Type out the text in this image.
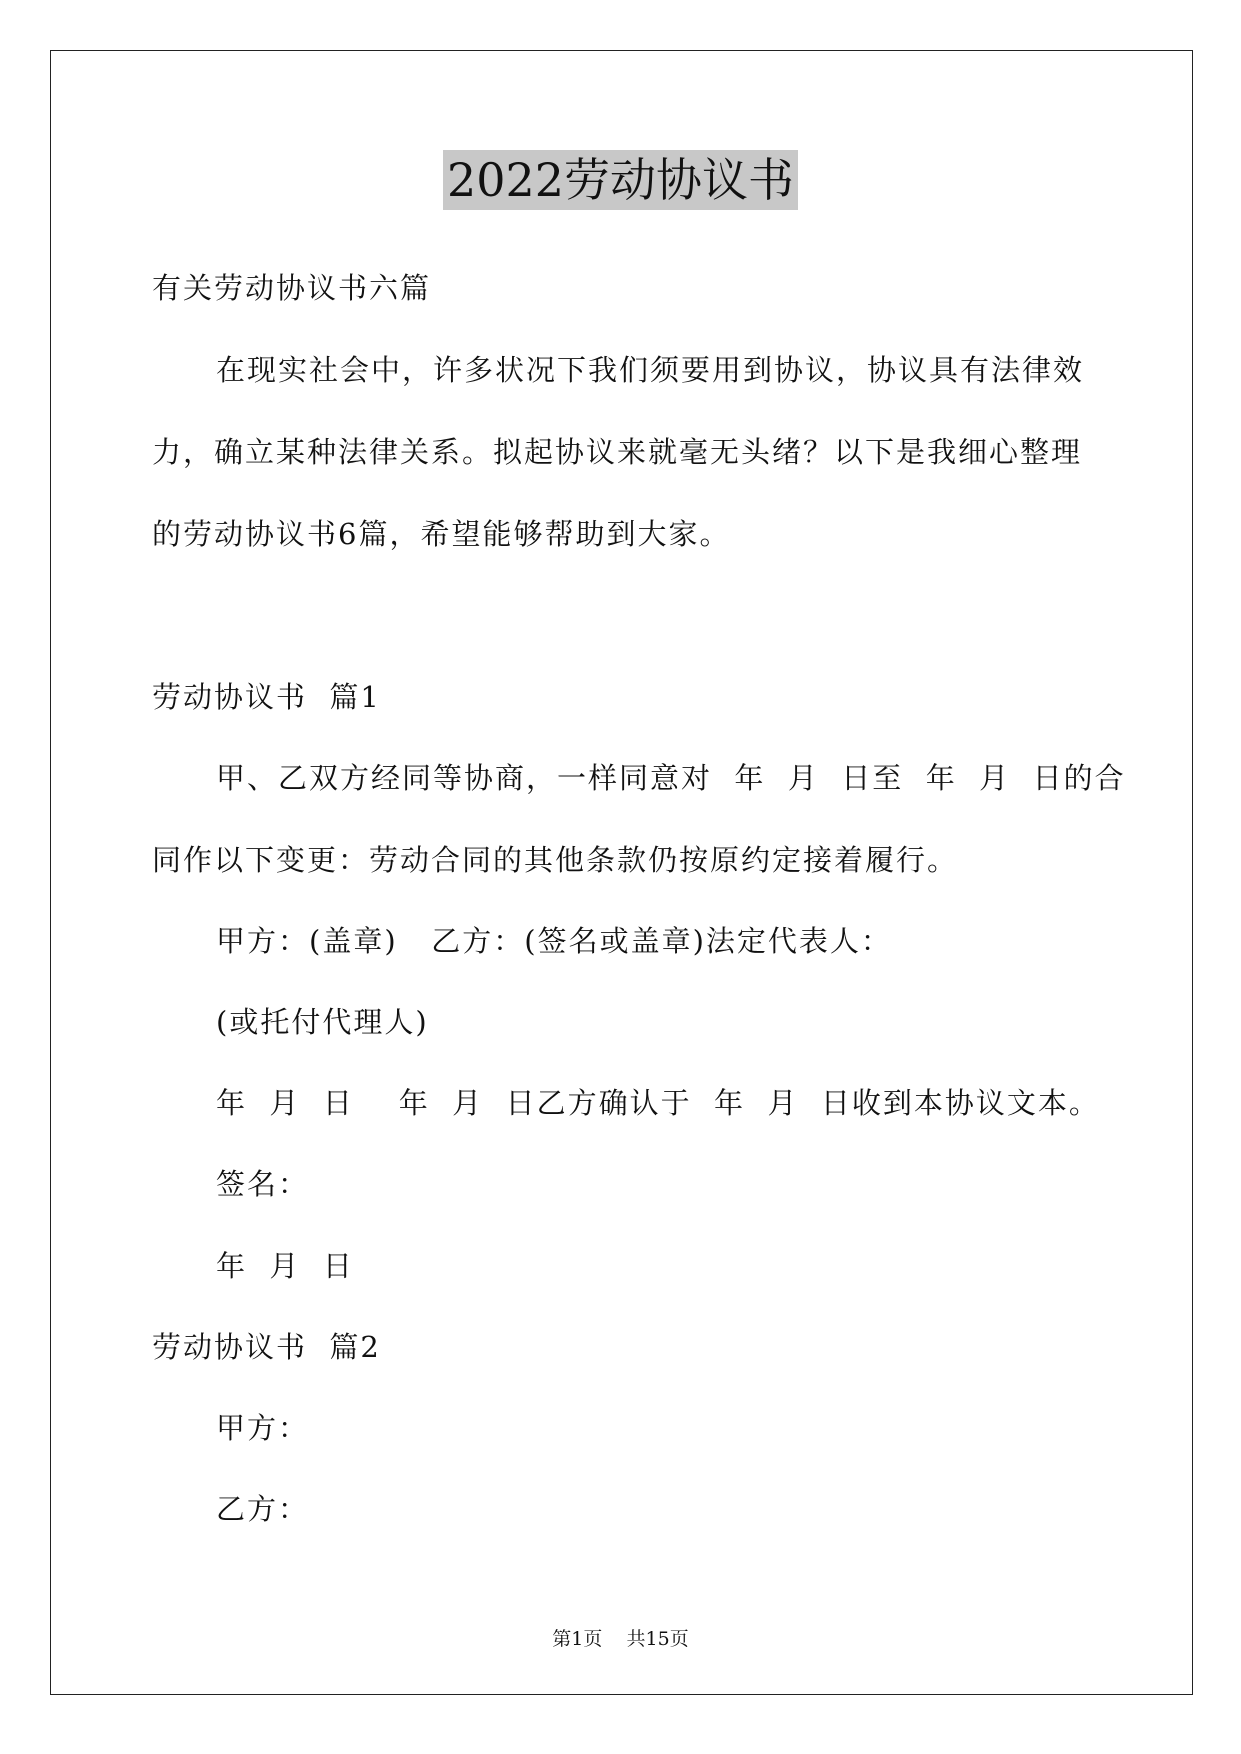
2022劳动协议书
有关劳动协议书六篇
在现实社会中，许多状况下我们须要用到协议，协议具有法律效
力，确立某种法律关系。拟起协议来就毫无头绪？以下是我细心整理
的劳动协议书6篇，希望能够帮助到大家。
劳动协议书  篇1
甲、乙双方经同等协商，一样同意对  年  月  日至  年  月  日的合
同作以下变更：劳动合同的其他条款仍按原约定接着履行。
甲方：(盖章)   乙方：(签名或盖章)法定代表人：
(或托付代理人)
年  月  日    年  月  日乙方确认于  年  月  日收到本协议文本。
签名：
年  月  日
劳动协议书  篇2
甲方：
乙方：
第1页    共15页
